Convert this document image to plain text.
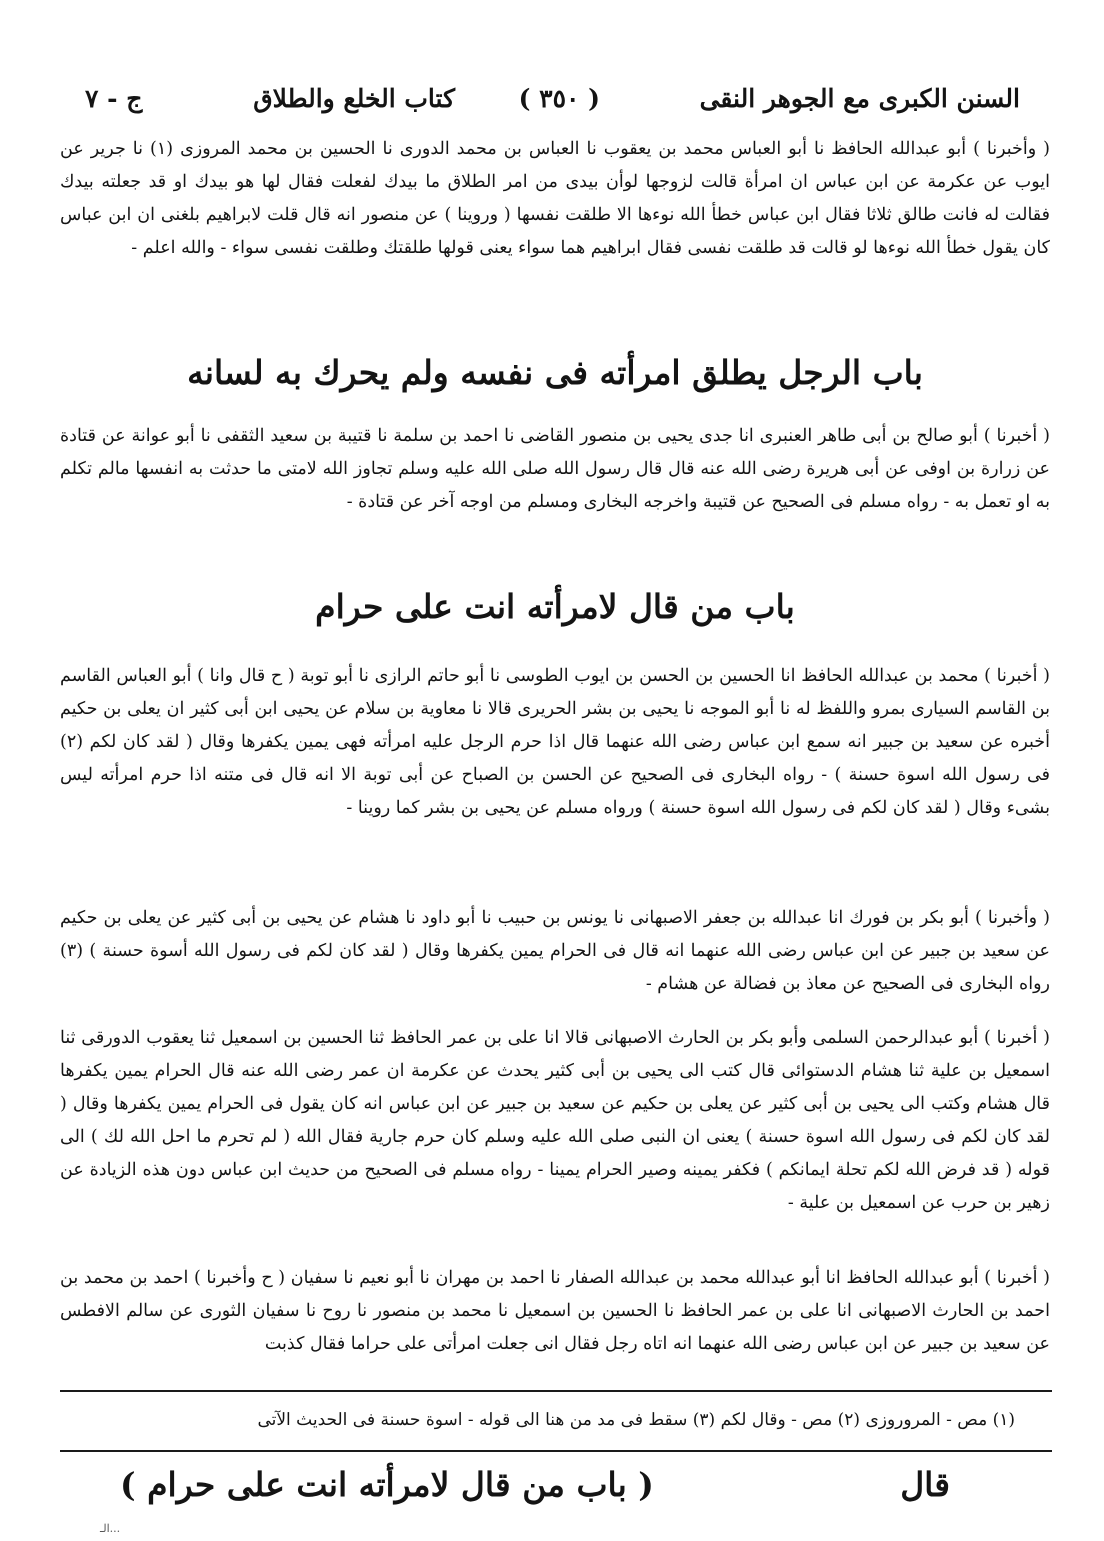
السنن الكبرى مع الجوهر النقى
( ٣٥٠ )
كتاب الخلع والطلاق
ج - ٧
( وأخبرنا ) أبو عبدالله الحافظ نا أبو العباس محمد بن يعقوب نا العباس بن محمد الدورى نا الحسين بن محمد المروزى (١) نا جرير عن ايوب عن عكرمة عن ابن عباس ان امرأة قالت لزوجها لوأن بيدى من امر الطلاق ما بيدك لفعلت فقال لها هو بيدك او قد جعلته بيدك فقالت له فانت طالق ثلاثا فقال ابن عباس خطأ الله نوءها الا طلقت نفسها ( وروينا ) عن منصور انه قال قلت لابراهيم بلغنى ان ابن عباس كان يقول خطأ الله نوءها لو قالت قد طلقت نفسى فقال ابراهيم هما سواء يعنى قولها طلقتك وطلقت نفسى سواء - والله اعلم -
باب الرجل يطلق امرأته فى نفسه ولم يحرك به لسانه
( أخبرنا ) أبو صالح بن أبى طاهر العنبرى انا جدى يحيى بن منصور القاضى نا احمد بن سلمة نا قتيبة بن سعيد الثقفى نا أبو عوانة عن قتادة عن زرارة بن اوفى عن أبى هريرة رضى الله عنه قال قال رسول الله صلى الله عليه وسلم تجاوز الله لامتى ما حدثت به انفسها مالم تكلم به او تعمل به - رواه مسلم فى الصحيح عن قتيبة واخرجه البخارى ومسلم من اوجه آخر عن قتادة -
باب من قال لامرأته انت على حرام
( أخبرنا ) محمد بن عبدالله الحافظ انا الحسين بن الحسن بن ايوب الطوسى نا أبو حاتم الرازى نا أبو توبة ( ح قال وانا ) أبو العباس القاسم بن القاسم السيارى بمرو واللفظ له نا أبو الموجه نا يحيى بن بشر الحريرى قالا نا معاوية بن سلام عن يحيى ابن أبى كثير ان يعلى بن حكيم أخبره عن سعيد بن جبير انه سمع ابن عباس رضى الله عنهما قال اذا حرم الرجل عليه امرأته فهى يمين يكفرها وقال ( لقد كان لكم (٢) فى رسول الله اسوة حسنة ) - رواه البخارى فى الصحيح عن الحسن بن الصباح عن أبى توبة الا انه قال فى متنه اذا حرم امرأته ليس بشىء وقال ( لقد كان لكم فى رسول الله اسوة حسنة ) ورواه مسلم عن يحيى بن بشر كما روينا -
( وأخبرنا ) أبو بكر بن فورك انا عبدالله بن جعفر الاصبهانى نا يونس بن حبيب نا أبو داود نا هشام عن يحيى بن أبى كثير عن يعلى بن حكيم عن سعيد بن جبير عن ابن عباس رضى الله عنهما انه قال فى الحرام يمين يكفرها وقال ( لقد كان لكم فى رسول الله أسوة حسنة ) (٣) رواه البخارى فى الصحيح عن معاذ بن فضالة عن هشام -
( أخبرنا ) أبو عبدالرحمن السلمى وأبو بكر بن الحارث الاصبهانى قالا انا على بن عمر الحافظ ثنا الحسين بن اسمعيل ثنا يعقوب الدورقى ثنا اسمعيل بن علية ثنا هشام الدستوائى قال كتب الى يحيى بن أبى كثير يحدث عن عكرمة ان عمر رضى الله عنه قال الحرام يمين يكفرها قال هشام وكتب الى يحيى بن أبى كثير عن يعلى بن حكيم عن سعيد بن جبير عن ابن عباس انه كان يقول فى الحرام يمين يكفرها وقال ( لقد كان لكم فى رسول الله اسوة حسنة ) يعنى ان النبى صلى الله عليه وسلم كان حرم جارية فقال الله ( لم تحرم ما احل الله لك ) الى قوله ( قد فرض الله لكم تحلة ايمانكم ) فكفر يمينه وصير الحرام يمينا - رواه مسلم فى الصحيح من حديث ابن عباس دون هذه الزيادة عن زهير بن حرب عن اسمعيل بن علية -
( أخبرنا ) أبو عبدالله الحافظ انا أبو عبدالله محمد بن عبدالله الصفار نا احمد بن مهران نا أبو نعيم نا سفيان ( ح وأخبرنا ) احمد بن محمد بن احمد بن الحارث الاصبهانى انا على بن عمر الحافظ نا الحسين بن اسمعيل نا محمد بن منصور نا روح نا سفيان الثورى عن سالم الافطس عن سعيد بن جبير عن ابن عباس رضى الله عنهما انه اتاه رجل فقال انى جعلت امرأتى على حراما فقال كذبت
(١) مص - المروروزى (٢) مص - وقال لكم (٣) سقط فى مد من هنا الى قوله - اسوة حسنة فى الحديث الآتى
قال
( باب من قال لامرأته انت على حرام )
الـ...
